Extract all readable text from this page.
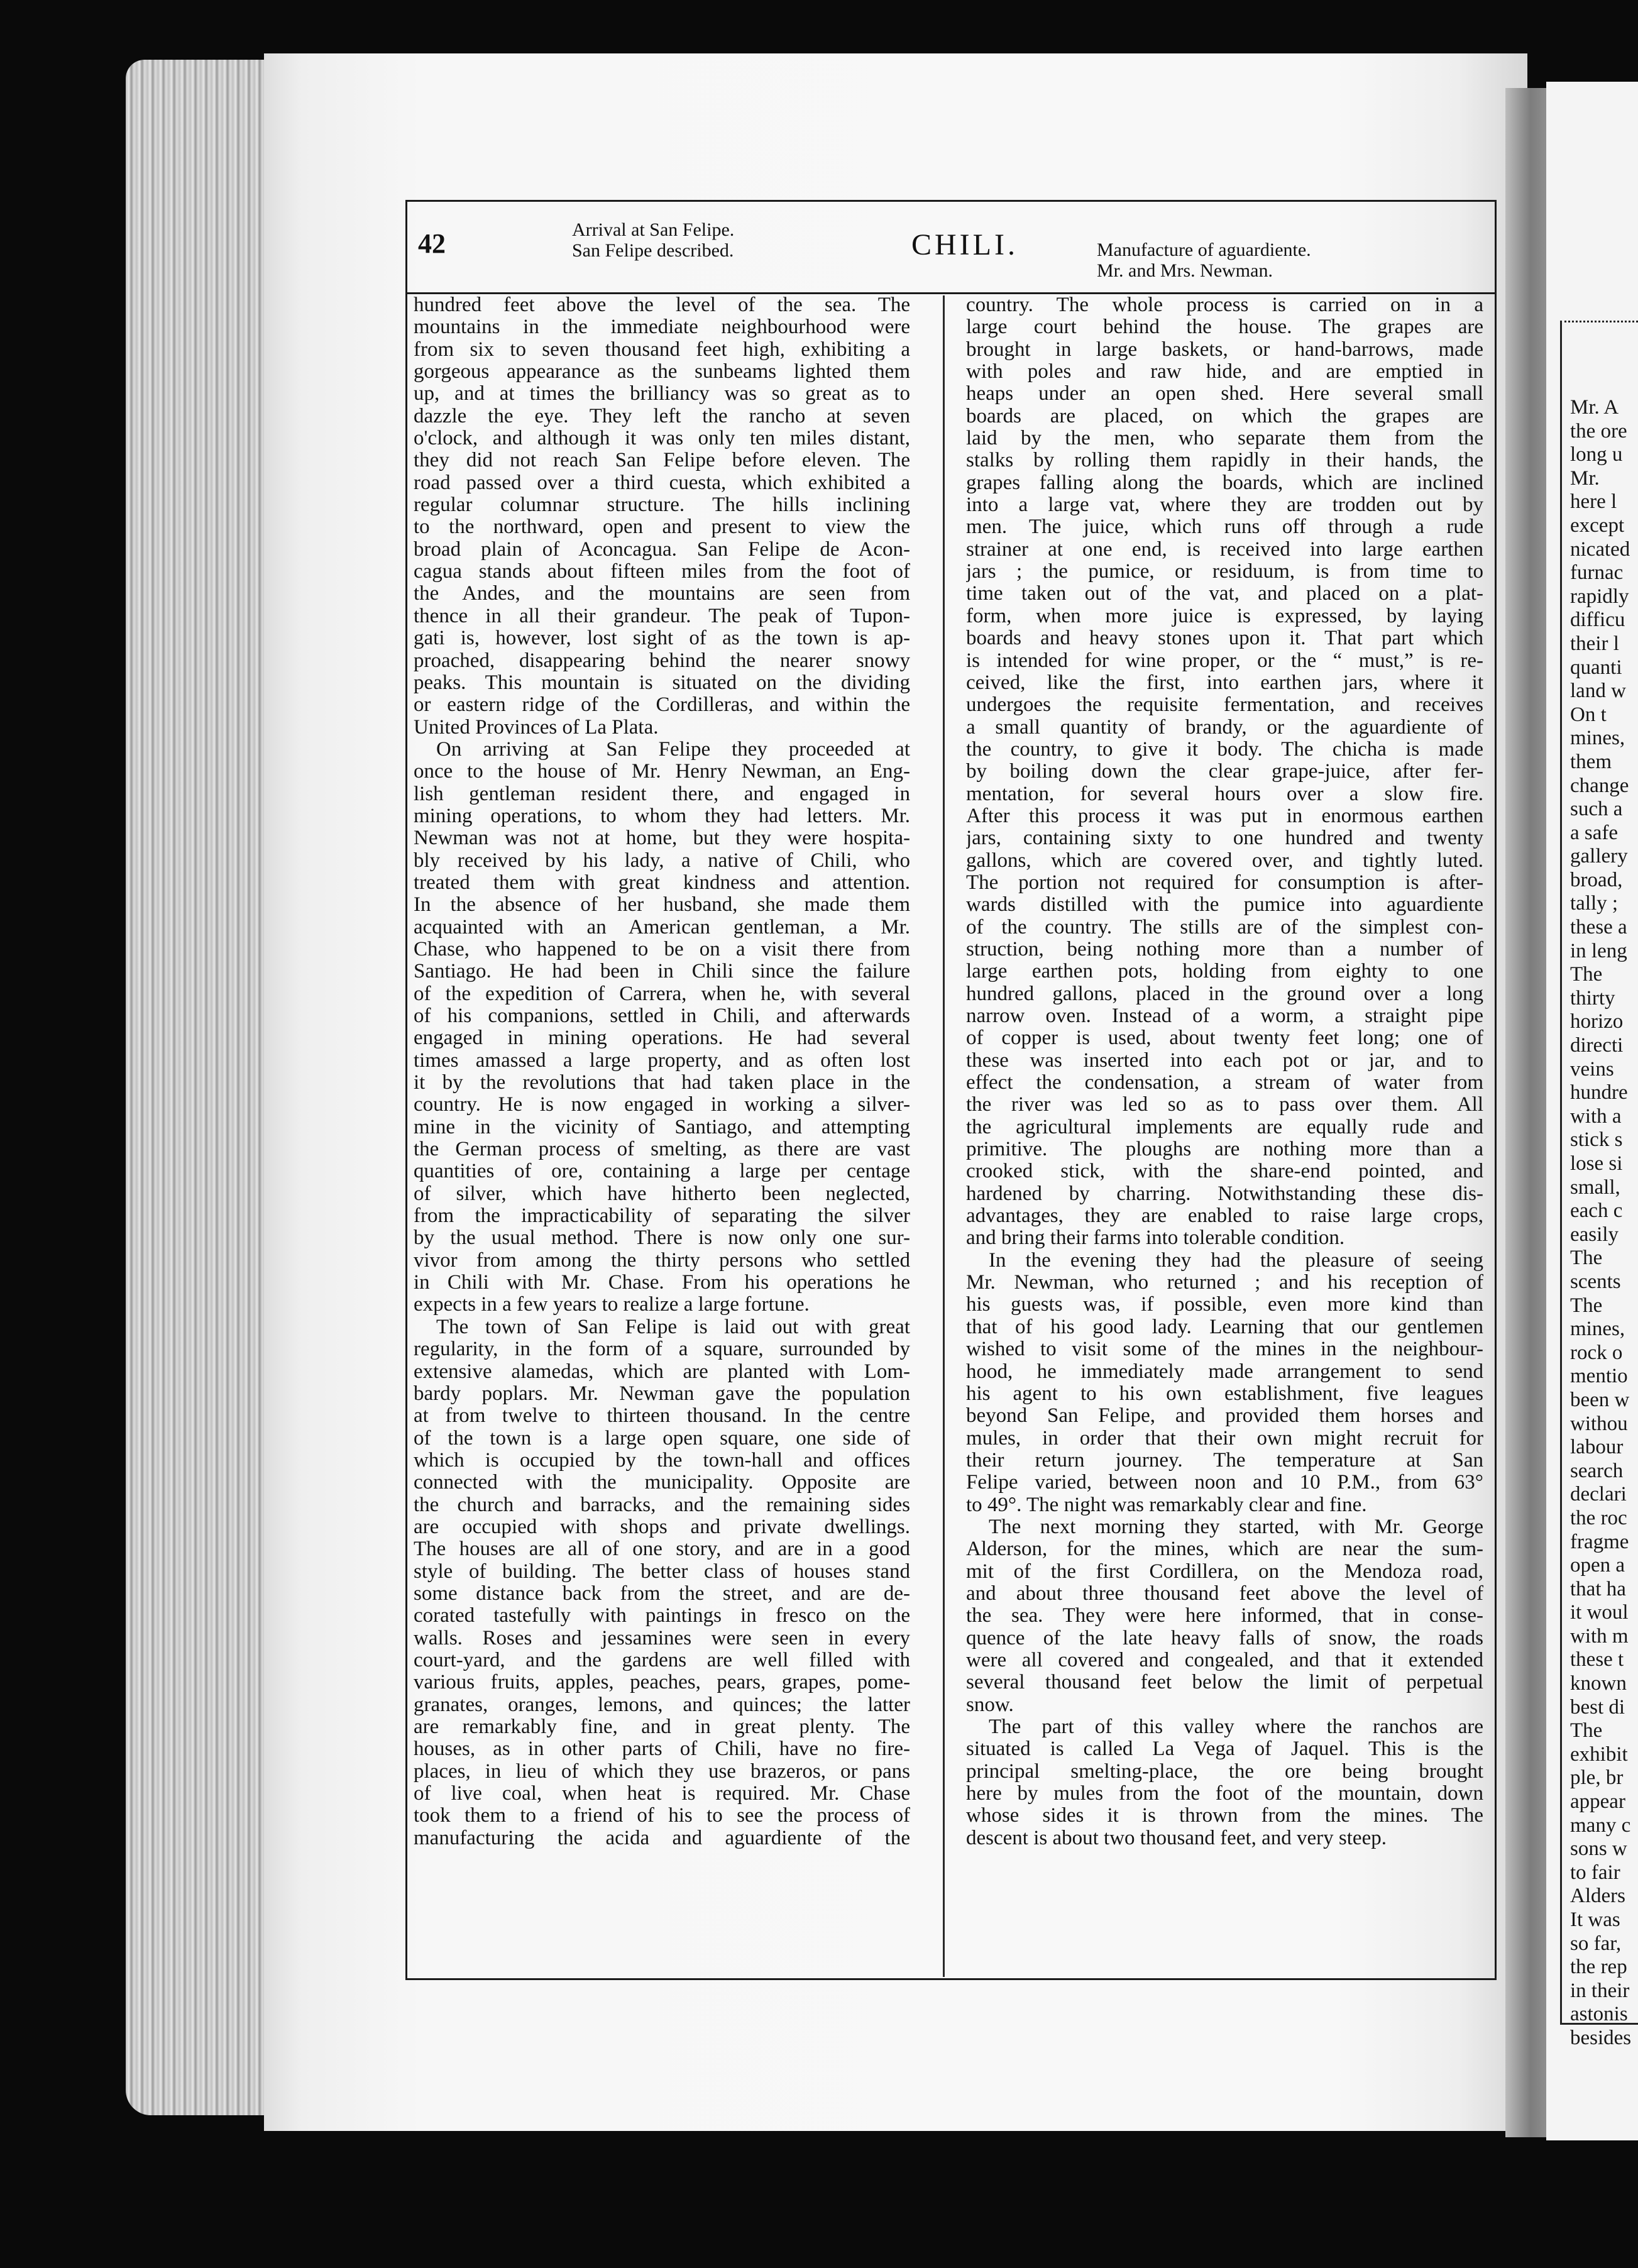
Mr. A
the ore
long u
Mr.
here l
except
nicated
furnac
rapidly
difficu
their l
quanti
land w
On t
mines,
them
change
such a
a safe
gallery
broad,
tally ;
these a
in leng
The
thirty
horizo
directi
veins
hundre
with a
stick s
lose si
small,
each c
easily
The
scents
The
mines,
rock o
mentio
been w
withou
labour
search
declari
the roc
fragme
open a
that ha
it woul
with m
these t
known
best di
The
exhibit
ple, br
appear
many c
sons w
to fair
Alders
It was
so far,
the rep
in their
astonis
besides
42	Arrival at San Felipe.
San Felipe described.	CHILI.	Manufacture of aguardiente.
Mr. and Mrs. Newman.
hundred feet above the level of the sea. The
mountains in the immediate neighbourhood were
from six to seven thousand feet high, exhibiting a
gorgeous appearance as the sunbeams lighted them
up, and at times the brilliancy was so great as to
dazzle the eye. They left the rancho at seven
o'clock, and although it was only ten miles distant,
they did not reach San Felipe before eleven. The
road passed over a third cuesta, which exhibited a
regular columnar structure. The hills inclining
to the northward, open and present to view the
broad plain of Aconcagua. San Felipe de Acon-
cagua stands about fifteen miles from the foot of
the Andes, and the mountains are seen from
thence in all their grandeur. The peak of Tupon-
gati is, however, lost sight of as the town is ap-
proached, disappearing behind the nearer snowy
peaks. This mountain is situated on the dividing
or eastern ridge of the Cordilleras, and within the
United Provinces of La Plata.
On arriving at San Felipe they proceeded at
once to the house of Mr. Henry Newman, an Eng-
lish gentleman resident there, and engaged in
mining operations, to whom they had letters. Mr.
Newman was not at home, but they were hospita-
bly received by his lady, a native of Chili, who
treated them with great kindness and attention.
In the absence of her husband, she made them
acquainted with an American gentleman, a Mr.
Chase, who happened to be on a visit there from
Santiago. He had been in Chili since the failure
of the expedition of Carrera, when he, with several
of his companions, settled in Chili, and afterwards
engaged in mining operations. He had several
times amassed a large property, and as often lost
it by the revolutions that had taken place in the
country. He is now engaged in working a silver-
mine in the vicinity of Santiago, and attempting
the German process of smelting, as there are vast
quantities of ore, containing a large per centage
of silver, which have hitherto been neglected,
from the impracticability of separating the silver
by the usual method. There is now only one sur-
vivor from among the thirty persons who settled
in Chili with Mr. Chase. From his operations he
expects in a few years to realize a large fortune.
The town of San Felipe is laid out with great
regularity, in the form of a square, surrounded by
extensive alamedas, which are planted with Lom-
bardy poplars. Mr. Newman gave the population
at from twelve to thirteen thousand. In the centre
of the town is a large open square, one side of
which is occupied by the town-hall and offices
connected with the municipality. Opposite are
the church and barracks, and the remaining sides
are occupied with shops and private dwellings.
The houses are all of one story, and are in a good
style of building. The better class of houses stand
some distance back from the street, and are de-
corated tastefully with paintings in fresco on the
walls. Roses and jessamines were seen in every
court-yard, and the gardens are well filled with
various fruits, apples, peaches, pears, grapes, pome-
granates, oranges, lemons, and quinces; the latter
are remarkably fine, and in great plenty. The
houses, as in other parts of Chili, have no fire-
places, in lieu of which they use brazeros, or pans
of live coal, when heat is required. Mr. Chase
took them to a friend of his to see the process of
manufacturing the acida and aguardiente of the
country. The whole process is carried on in a
large court behind the house. The grapes are
brought in large baskets, or hand-barrows, made
with poles and raw hide, and are emptied in
heaps under an open shed. Here several small
boards are placed, on which the grapes are
laid by the men, who separate them from the
stalks by rolling them rapidly in their hands, the
grapes falling along the boards, which are inclined
into a large vat, where they are trodden out by
men. The juice, which runs off through a rude
strainer at one end, is received into large earthen
jars ; the pumice, or residuum, is from time to
time taken out of the vat, and placed on a plat-
form, when more juice is expressed, by laying
boards and heavy stones upon it. That part which
is intended for wine proper, or the “ must,” is re-
ceived, like the first, into earthen jars, where it
undergoes the requisite fermentation, and receives
a small quantity of brandy, or the aguardiente of
the country, to give it body. The chicha is made
by boiling down the clear grape-juice, after fer-
mentation, for several hours over a slow fire.
After this process it was put in enormous earthen
jars, containing sixty to one hundred and twenty
gallons, which are covered over, and tightly luted.
The portion not required for consumption is after-
wards distilled with the pumice into aguardiente
of the country. The stills are of the simplest con-
struction, being nothing more than a number of
large earthen pots, holding from eighty to one
hundred gallons, placed in the ground over a long
narrow oven. Instead of a worm, a straight pipe
of copper is used, about twenty feet long; one of
these was inserted into each pot or jar, and to
effect the condensation, a stream of water from
the river was led so as to pass over them. All
the agricultural implements are equally rude and
primitive. The ploughs are nothing more than a
crooked stick, with the share-end pointed, and
hardened by charring. Notwithstanding these dis-
advantages, they are enabled to raise large crops,
and bring their farms into tolerable condition.
In the evening they had the pleasure of seeing
Mr. Newman, who returned ; and his reception of
his guests was, if possible, even more kind than
that of his good lady. Learning that our gentlemen
wished to visit some of the mines in the neighbour-
hood, he immediately made arrangement to send
his agent to his own establishment, five leagues
beyond San Felipe, and provided them horses and
mules, in order that their own might recruit for
their return journey. The temperature at San
Felipe varied, between noon and 10 P.M., from 63°
to 49°. The night was remarkably clear and fine.
The next morning they started, with Mr. George
Alderson, for the mines, which are near the sum-
mit of the first Cordillera, on the Mendoza road,
and about three thousand feet above the level of
the sea. They were here informed, that in conse-
quence of the late heavy falls of snow, the roads
were all covered and congealed, and that it extended
several thousand feet below the limit of perpetual
snow.
The part of this valley where the ranchos are
situated is called La Vega of Jaquel. This is the
principal smelting-place, the ore being brought
here by mules from the foot of the mountain, down
whose sides it is thrown from the mines. The
descent is about two thousand feet, and very steep.
